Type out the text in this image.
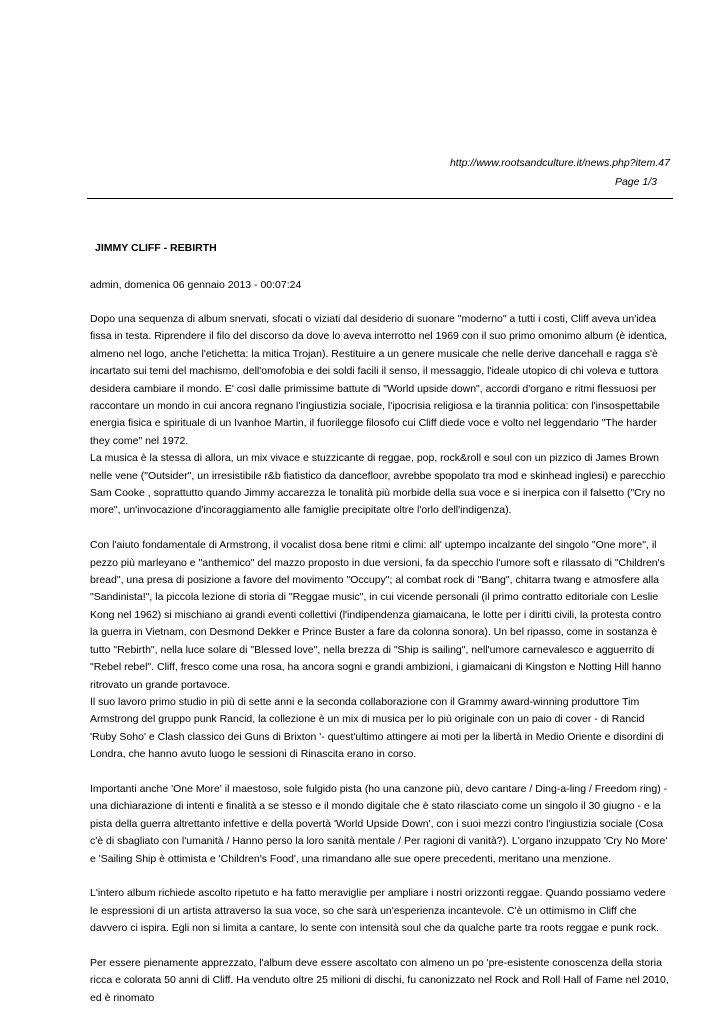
http://www.rootsandculture.it/news.php?item.47
Page 1/3
JIMMY CLIFF - REBIRTH
admin, domenica 06 gennaio 2013 - 00:07:24

Dopo una sequenza di album snervati, sfocati o viziati dal desiderio di suonare "moderno" a tutti i costi, Cliff aveva un'idea fissa in testa. Riprendere il filo del discorso da dove lo aveva interrotto nel 1969 con il suo primo omonimo album (è identica, almeno nel logo, anche l'etichetta: la mitica Trojan). Restituire a un genere musicale che nelle derive dancehall e ragga s'è incartato sui temi del machismo, dell'omofobia e dei soldi facili il senso, il messaggio, l'ideale utopico di chi voleva e tuttora desidera cambiare il mondo. E' così dalle primissime battute di "World upside down", accordi d'organo e ritmi flessuosi per raccontare un mondo in cui ancora regnano l'ingiustizia sociale, l'ipocrisia religiosa e la tirannia politica: con l'insospettabile energia fisica e spirituale di un Ivanhoe Martin, il fuorilegge filosofo cui Cliff diede voce e volto nel leggendario "The harder they come" nel 1972.

La musica è la stessa di allora, un mix vivace e stuzzicante di reggae, pop, rock&roll e soul con un pizzico di James Brown nelle vene ("Outsider", un irresistibile r&b fiatistico da dancefloor, avrebbe spopolato tra mod e skinhead inglesi) e parecchio Sam Cooke , soprattutto quando Jimmy accarezza le tonalità più morbide della sua voce e si inerpica con il falsetto ("Cry no more", un'invocazione d'incoraggiamento alle famiglie precipitate oltre l'orlo dell'indigenza).

Con l'aiuto fondamentale di Armstrong, il vocalist dosa bene ritmi e climi: all' uptempo incalzante del singolo "One more", il pezzo più marleyano e "anthemico" del mazzo proposto in due versioni, fa da specchio l'umore soft e rilassato di "Children's bread", una presa di posizione a favore del movimento "Occupy"; al combat rock di "Bang", chitarra twang e atmosfere alla "Sandinista!", la piccola lezione di storia di "Reggae music", in cui vicende personali (il primo contratto editoriale con Leslie Kong nel 1962) si mischiano ai grandi eventi collettivi (l'indipendenza giamaicana, le lotte per i diritti civili, la protesta contro la guerra in Vietnam, con Desmond Dekker e Prince Buster a fare da colonna sonora). Un bel ripasso, come in sostanza è tutto "Rebirth", nella luce solare di "Blessed love", nella brezza di "Ship is sailing", nell'umore carnevalesco e agguerrito di "Rebel rebel". Cliff, fresco come una rosa, ha ancora sogni e grandi ambizioni, i giamaicani di Kingston e Notting Hill hanno ritrovato un grande portavoce.

Il suo lavoro primo studio in più di sette anni e la seconda collaborazione con il Grammy award-winning produttore Tim Armstrong del gruppo punk Rancid, la collezione è un mix di musica per lo più originale con un paio di cover - di Rancid 'Ruby Soho' e Clash classico dei Guns di Brixton '- quest'ultimo attingere ai moti per la libertà in Medio Oriente e disordini di Londra, che hanno avuto luogo le sessioni di Rinascita erano in corso.

Importanti anche 'One More' il maestoso, sole fulgido pista (ho una canzone più, devo cantare / Ding-a-ling / Freedom ring) - una dichiarazione di intenti e finalità a se stesso e il mondo digitale che è stato rilasciato come un singolo il 30 giugno - e la pista della guerra altrettanto infettive e della povertà 'World Upside Down', con i suoi mezzi contro l'ingiustizia sociale (Cosa c'è di sbagliato con l'umanità / Hanno perso la loro sanità mentale / Per ragioni di vanità?). L'organo inzuppato 'Cry No More' e 'Sailing Ship è ottimista e 'Children's Food', una rimandano alle sue opere precedenti, meritano una menzione.

L'intero album richiede ascolto ripetuto e ha fatto meraviglie per ampliare i nostri orizzonti reggae. Quando possiamo vedere le espressioni di un artista attraverso la sua voce, so che sarà un'esperienza incantevole. C'è un ottimismo in Cliff che davvero ci ispira. Egli non si limita a cantare, lo sente con intensità soul che da qualche parte tra roots reggae e punk rock.

Per essere pienamente apprezzato, l'album deve essere ascoltato con almeno un po 'pre-esistente conoscenza della storia ricca e colorata 50 anni di Cliff. Ha venduto oltre 25 milioni di dischi, fu canonizzato nel Rock and Roll Hall of Fame nel 2010, ed è rinomato
